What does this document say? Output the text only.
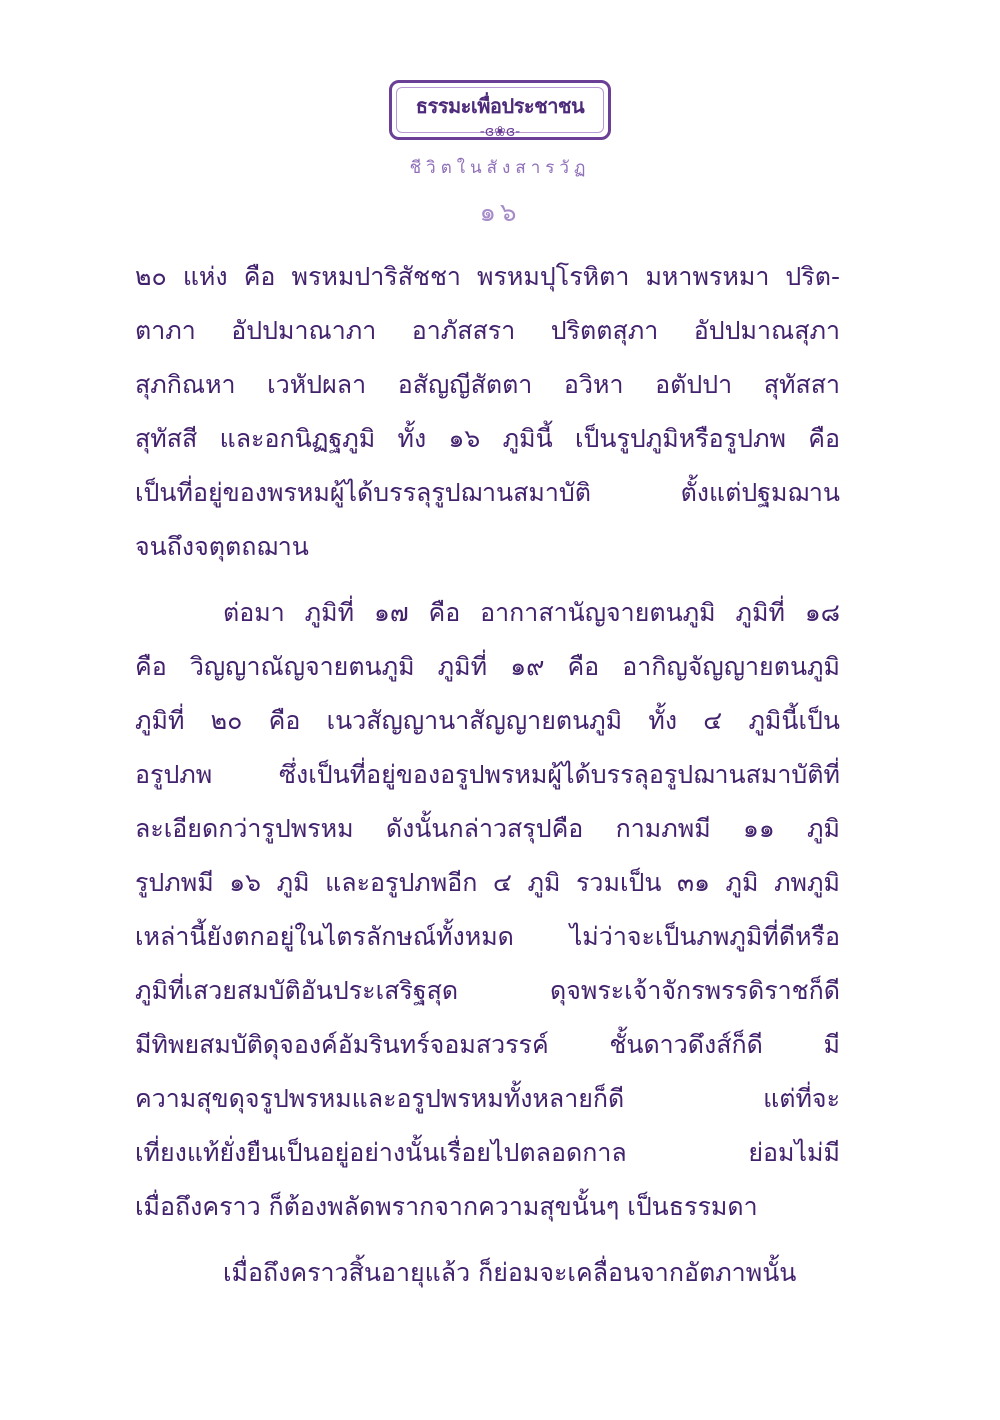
ธรรมะเพื่อประชาชน
-ɞ❀ɞ-
ชีวิตในสังสารวัฏ
๑๖
๒๐ แห่ง คือ พรหมปาริสัชชา พรหมปุโรหิตา มหาพรหมา ปริต-
ตาภา อัปปมาณาภา อาภัสสรา ปริตตสุภา อัปปมาณสุภา
สุภกิณหา เวหัปผลา อสัญญีสัตตา อวิหา อตัปปา สุทัสสา
สุทัสสี และอกนิฏฐภูมิ ทั้ง ๑๖ ภูมินี้ เป็นรูปภูมิหรือรูปภพ คือ
เป็นที่อยู่ของพรหมผู้ได้บรรลุรูปฌานสมาบัติ ตั้งแต่ปฐมฌาน
จนถึงจตุตถฌาน
ต่อมา ภูมิที่ ๑๗ คือ อากาสานัญจายตนภูมิ ภูมิที่ ๑๘
คือ วิญญาณัญจายตนภูมิ ภูมิที่ ๑๙ คือ อากิญจัญญายตนภูมิ
ภูมิที่ ๒๐ คือ เนวสัญญานาสัญญายตนภูมิ ทั้ง ๔ ภูมินี้เป็น
อรูปภพ ซึ่งเป็นที่อยู่ของอรูปพรหมผู้ได้บรรลุอรูปฌานสมาบัติที่
ละเอียดกว่ารูปพรหม ดังนั้นกล่าวสรุปคือ กามภพมี ๑๑ ภูมิ
รูปภพมี ๑๖ ภูมิ และอรูปภพอีก ๔ ภูมิ รวมเป็น ๓๑ ภูมิ ภพภูมิ
เหล่านี้ยังตกอยู่ในไตรลักษณ์ทั้งหมด ไม่ว่าจะเป็นภพภูมิที่ดีหรือ
ภูมิที่เสวยสมบัติอันประเสริฐสุด ดุจพระเจ้าจักรพรรดิราชก็ดี
มีทิพยสมบัติดุจองค์อัมรินทร์จอมสวรรค์ ชั้นดาวดึงส์ก็ดี มี
ความสุขดุจรูปพรหมและอรูปพรหมทั้งหลายก็ดี แต่ที่จะ
เที่ยงแท้ยั่งยืนเป็นอยู่อย่างนั้นเรื่อยไปตลอดกาล ย่อมไม่มี
เมื่อถึงคราว ก็ต้องพลัดพรากจากความสุขนั้นๆ เป็นธรรมดา
เมื่อถึงคราวสิ้นอายุแล้ว ก็ย่อมจะเคลื่อนจากอัตภาพนั้น
